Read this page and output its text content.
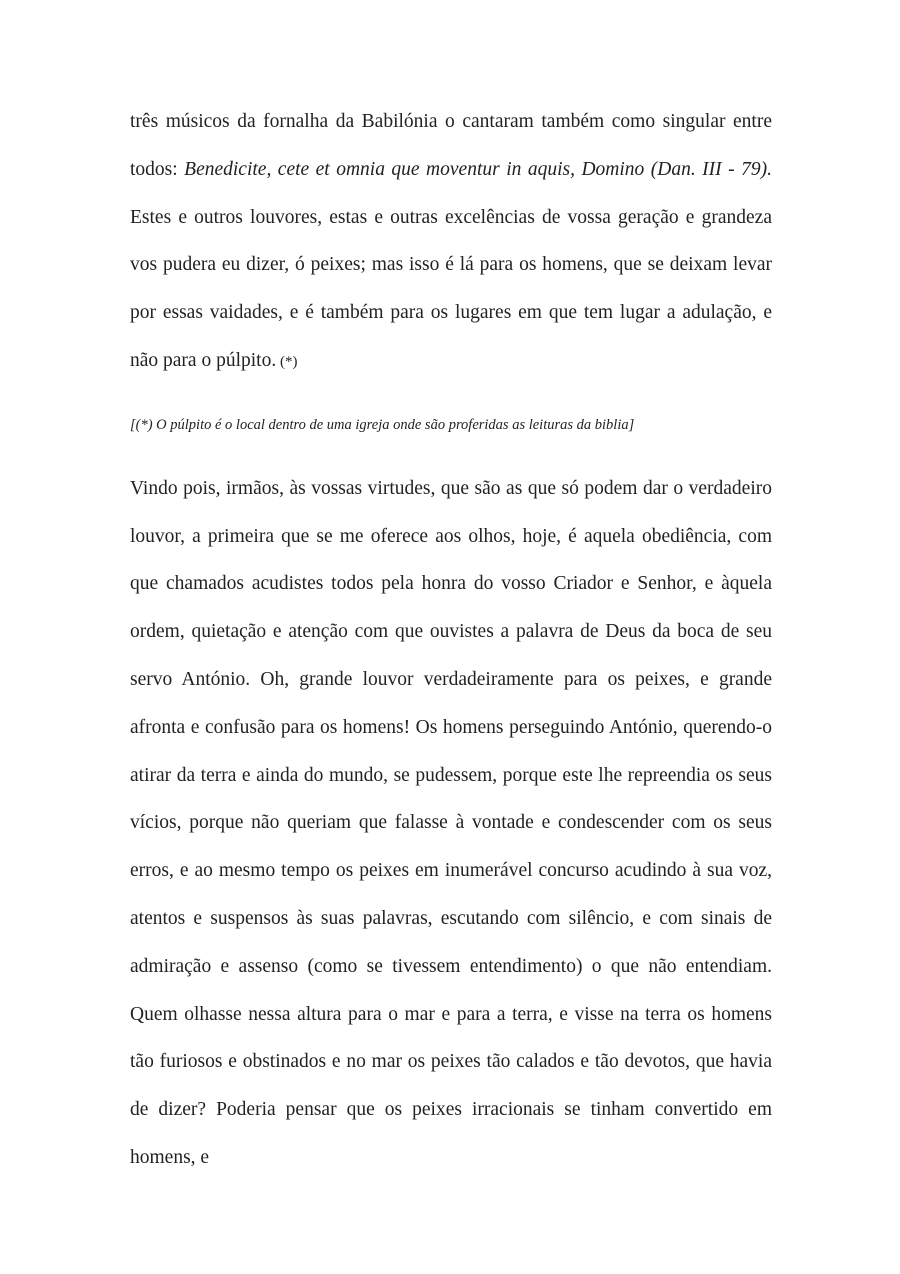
três músicos da fornalha da Babilónia o cantaram também como singular entre todos: Benedicite, cete et omnia que moventur in aquis, Domino (Dan. III - 79). Estes e outros louvores, estas e outras excelências de vossa geração e grandeza vos pudera eu dizer, ó peixes; mas isso é lá para os homens, que se deixam levar por essas vaidades, e é também para os lugares em que tem lugar a adulação, e não para o púlpito. (*)

[(*) O púlpito é o local dentro de uma igreja onde são proferidas as leituras da biblia]

Vindo pois, irmãos, às vossas virtudes, que são as que só podem dar o verdadeiro louvor, a primeira que se me oferece aos olhos, hoje, é aquela obediência, com que chamados acudistes todos pela honra do vosso Criador e Senhor, e àquela ordem, quietação e atenção com que ouvistes a palavra de Deus da boca de seu servo António. Oh, grande louvor verdadeiramente para os peixes, e grande afronta e confusão para os homens! Os homens perseguindo António, querendo-o atirar da terra e ainda do mundo, se pudessem, porque este lhe repreendia os seus vícios, porque não queriam que falasse à vontade e condescender com os seus erros, e ao mesmo tempo os peixes em inumerável concurso acudindo à sua voz, atentos e suspensos às suas palavras, escutando com silêncio, e com sinais de admiração e assenso (como se tivessem entendimento) o que não entendiam. Quem olhasse nessa altura para o mar e para a terra, e visse na terra os homens tão furiosos e obstinados e no mar os peixes tão calados e tão devotos, que havia de dizer? Poderia pensar que os peixes irracionais se tinham convertido em homens, e
